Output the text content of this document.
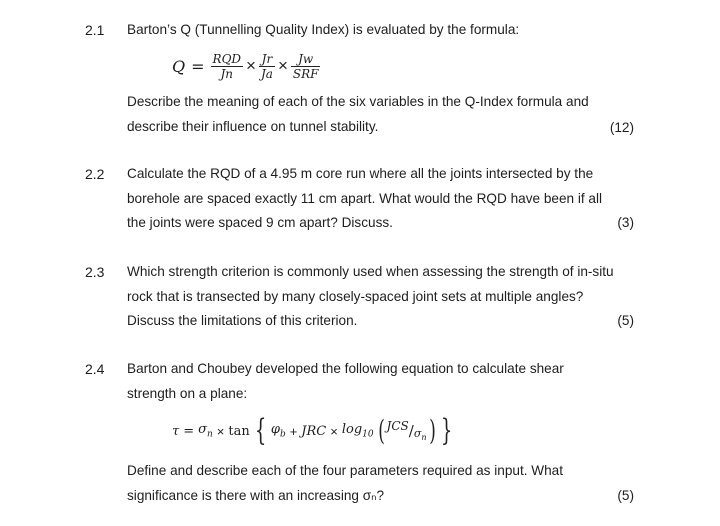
2.1 Barton’s Q (Tunnelling Quality Index) is evaluated by the formula:
$Q = \frac{\text{RQD}}{Jn} \times \frac{Jr}{Ja} \times \frac{Jw}{\text{SRF}}$
Describe the meaning of each of the six variables in the Q-Index formula and
describe their influence on tunnel stability.	(12)
2.2 Calculate the RQD of a 4.95 m core run where all the joints intersected by the
borehole are spaced exactly 11 cm apart. What would the RQD have been if all
the joints were spaced 9 cm apart? Discuss.	(3)
2.3 Which strength criterion is commonly used when assessing the strength of in-situ
rock that is transected by many closely-spaced joint sets at multiple angles?
Discuss the limitations of this criterion.	(5)
2.4 Barton and Choubey developed the following equation to calculate shear
strength on a plane:
$\tau = \sigma_n \times \tan$ { $\varphi_b$ + JRC × $\log_{10}$ ( JCS / $\sigma_n$ ) }
Define and describe each of the four parameters required as input. What
significance is there with an increasing σₙ?	(5)
